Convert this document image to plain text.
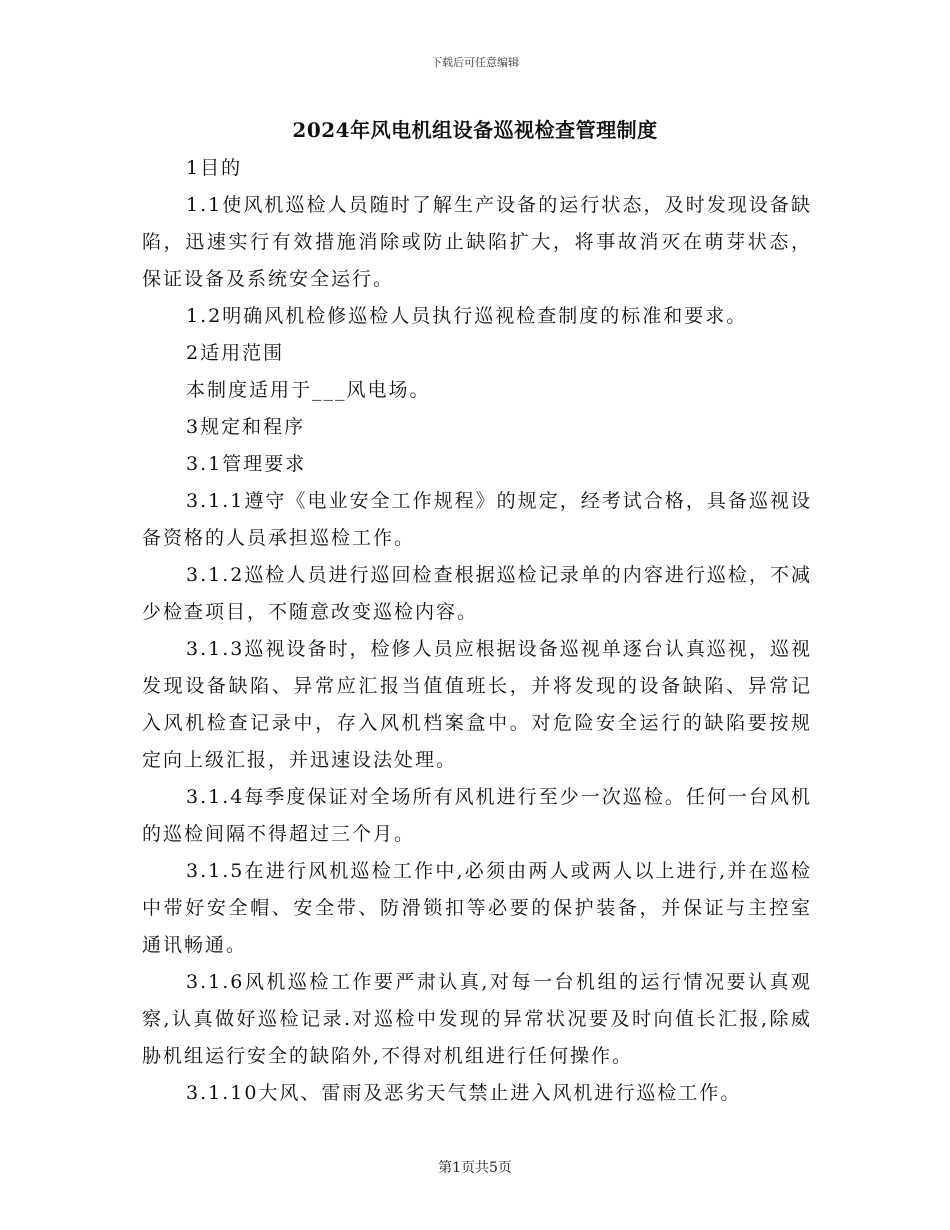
下载后可任意编辑
2024年风电机组设备巡视检查管理制度

1目的

1.1使风机巡检人员随时了解生产设备的运行状态，及时发现设备缺陷，迅速实行有效措施消除或防止缺陷扩大，将事故消灭在萌芽状态，保证设备及系统安全运行。

1.2明确风机检修巡检人员执行巡视检查制度的标准和要求。

2适用范围

本制度适用于___风电场。

3规定和程序

3.1管理要求

3.1.1遵守《电业安全工作规程》的规定，经考试合格，具备巡视设备资格的人员承担巡检工作。

3.1.2巡检人员进行巡回检查根据巡检记录单的内容进行巡检，不减少检查项目，不随意改变巡检内容。

3.1.3巡视设备时，检修人员应根据设备巡视单逐台认真巡视，巡视发现设备缺陷、异常应汇报当值值班长，并将发现的设备缺陷、异常记入风机检查记录中，存入风机档案盒中。对危险安全运行的缺陷要按规定向上级汇报，并迅速设法处理。

3.1.4每季度保证对全场所有风机进行至少一次巡检。任何一台风机的巡检间隔不得超过三个月。

3.1.5在进行风机巡检工作中,必须由两人或两人以上进行,并在巡检中带好安全帽、安全带、防滑锁扣等必要的保护装备，并保证与主控室通讯畅通。

3.1.6风机巡检工作要严肃认真,对每一台机组的运行情况要认真观察,认真做好巡检记录.对巡检中发现的异常状况要及时向值长汇报,除威胁机组运行安全的缺陷外,不得对机组进行任何操作。

3.1.10大风、雷雨及恶劣天气禁止进入风机进行巡检工作。

第1页共5页
